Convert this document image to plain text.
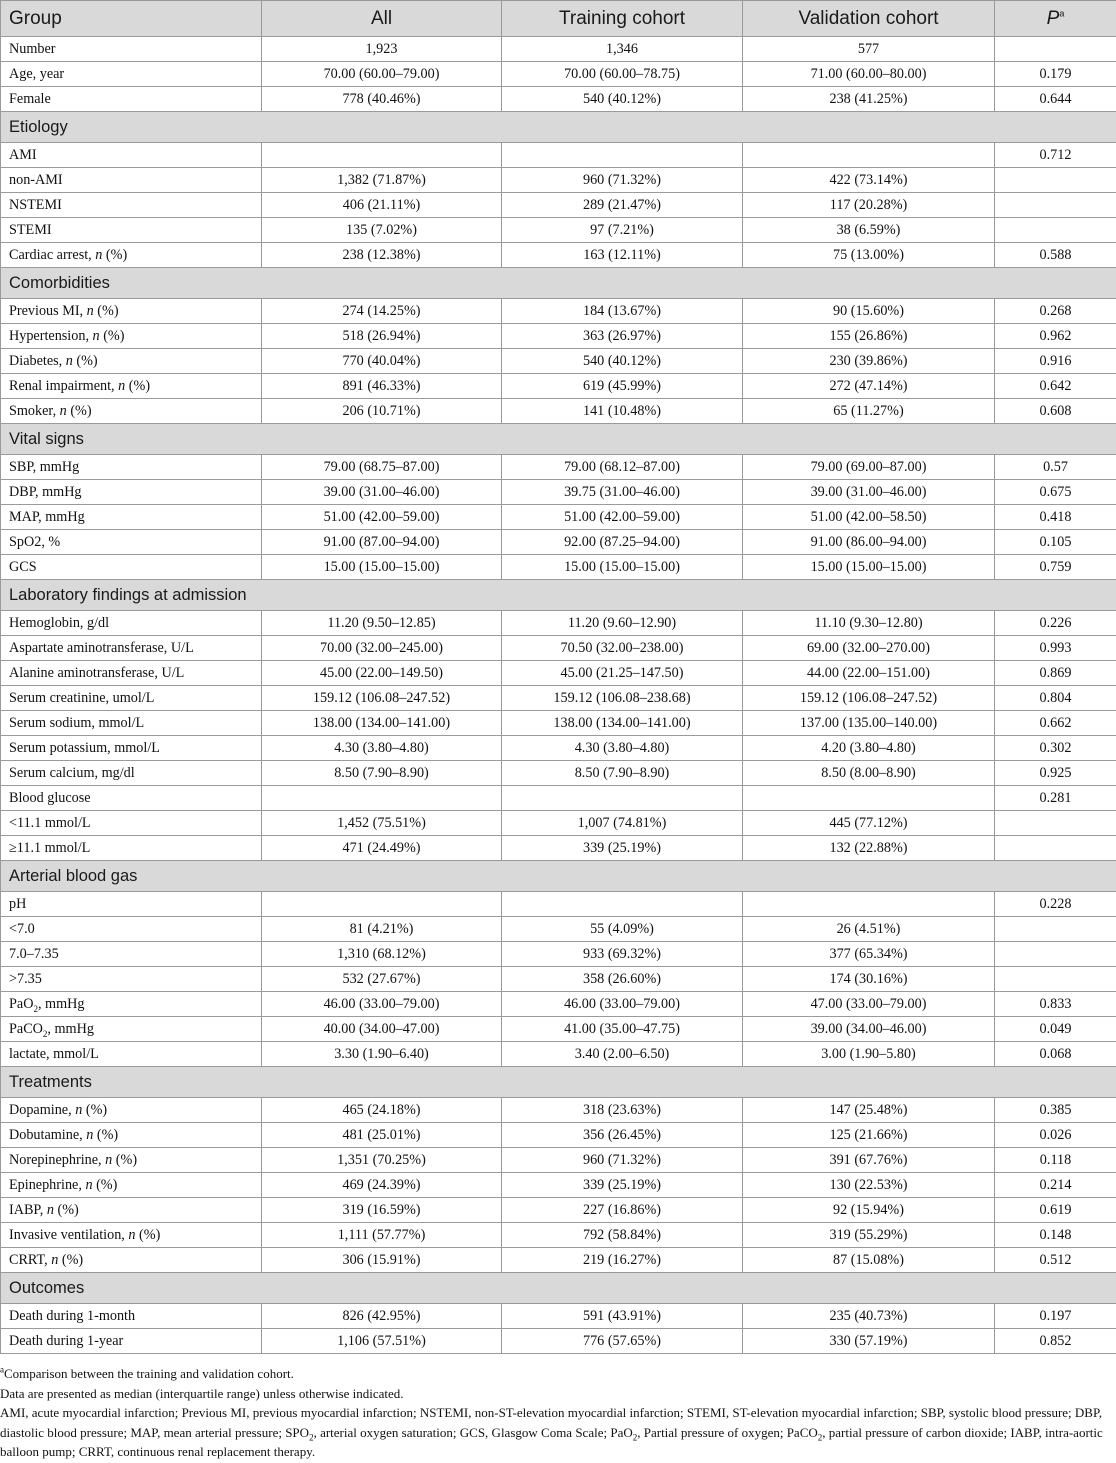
Group	All	Training cohort	Validation cohort	$P^a$
Number	1,923	1,346	577	
Age, year	70.00 (60.00–79.00)	70.00 (60.00–78.75)	71.00 (60.00–80.00)	0.179
Female	778 (40.46%)	540 (40.12%)	238 (41.25%)	0.644
Etiology				
AMI				0.712
non-AMI	1,382 (71.87%)	960 (71.32%)	422 (73.14%)	
NSTEMI	406 (21.11%)	289 (21.47%)	117 (20.28%)	
STEMI	135 (7.02%)	97 (7.21%)	38 (6.59%)	
Cardiac arrest, n (%)	238 (12.38%)	163 (12.11%)	75 (13.00%)	0.588
Comorbidities				
Previous MI, n (%)	274 (14.25%)	184 (13.67%)	90 (15.60%)	0.268
Hypertension, n (%)	518 (26.94%)	363 (26.97%)	155 (26.86%)	0.962
Diabetes, n (%)	770 (40.04%)	540 (40.12%)	230 (39.86%)	0.916
Renal impairment, n (%)	891 (46.33%)	619 (45.99%)	272 (47.14%)	0.642
Smoker, n (%)	206 (10.71%)	141 (10.48%)	65 (11.27%)	0.608
Vital signs				
SBP, mmHg	79.00 (68.75–87.00)	79.00 (68.12–87.00)	79.00 (69.00–87.00)	0.57
DBP, mmHg	39.00 (31.00–46.00)	39.75 (31.00–46.00)	39.00 (31.00–46.00)	0.675
MAP, mmHg	51.00 (42.00–59.00)	51.00 (42.00–59.00)	51.00 (42.00–58.50)	0.418
SpO2, %	91.00 (87.00–94.00)	92.00 (87.25–94.00)	91.00 (86.00–94.00)	0.105
GCS	15.00 (15.00–15.00)	15.00 (15.00–15.00)	15.00 (15.00–15.00)	0.759
Laboratory findings at admission				
Hemoglobin, g/dl	11.20 (9.50–12.85)	11.20 (9.60–12.90)	11.10 (9.30–12.80)	0.226
Aspartate aminotransferase, U/L	70.00 (32.00–245.00)	70.50 (32.00–238.00)	69.00 (32.00–270.00)	0.993
Alanine aminotransferase, U/L	45.00 (22.00–149.50)	45.00 (21.25–147.50)	44.00 (22.00–151.00)	0.869
Serum creatinine, umol/L	159.12 (106.08–247.52)	159.12 (106.08–238.68)	159.12 (106.08–247.52)	0.804
Serum sodium, mmol/L	138.00 (134.00–141.00)	138.00 (134.00–141.00)	137.00 (135.00–140.00)	0.662
Serum potassium, mmol/L	4.30 (3.80–4.80)	4.30 (3.80–4.80)	4.20 (3.80–4.80)	0.302
Serum calcium, mg/dl	8.50 (7.90–8.90)	8.50 (7.90–8.90)	8.50 (8.00–8.90)	0.925
Blood glucose				0.281
<11.1 mmol/L	1,452 (75.51%)	1,007 (74.81%)	445 (77.12%)	
≥11.1 mmol/L	471 (24.49%)	339 (25.19%)	132 (22.88%)	
Arterial blood gas				
pH				0.228
<7.0	81 (4.21%)	55 (4.09%)	26 (4.51%)	
7.0–7.35	1,310 (68.12%)	933 (69.32%)	377 (65.34%)	
>7.35	532 (27.67%)	358 (26.60%)	174 (30.16%)	
PaO$_2$, mmHg	46.00 (33.00–79.00)	46.00 (33.00–79.00)	47.00 (33.00–79.00)	0.833
PaCO$_2$, mmHg	40.00 (34.00–47.00)	41.00 (35.00–47.75)	39.00 (34.00–46.00)	0.049
lactate, mmol/L	3.30 (1.90–6.40)	3.40 (2.00–6.50)	3.00 (1.90–5.80)	0.068
Treatments				
Dopamine, n (%)	465 (24.18%)	318 (23.63%)	147 (25.48%)	0.385
Dobutamine, n (%)	481 (25.01%)	356 (26.45%)	125 (21.66%)	0.026
Norepinephrine, n (%)	1,351 (70.25%)	960 (71.32%)	391 (67.76%)	0.118
Epinephrine, n (%)	469 (24.39%)	339 (25.19%)	130 (22.53%)	0.214
IABP, n (%)	319 (16.59%)	227 (16.86%)	92 (15.94%)	0.619
Invasive ventilation, n (%)	1,111 (57.77%)	792 (58.84%)	319 (55.29%)	0.148
CRRT, n (%)	306 (15.91%)	219 (16.27%)	87 (15.08%)	0.512
Outcomes				
Death during 1-month	826 (42.95%)	591 (43.91%)	235 (40.73%)	0.197
Death during 1-year	1,106 (57.51%)	776 (57.65%)	330 (57.19%)	0.852

$^a$Comparison between the training and validation cohort.

Data are presented as median (interquartile range) unless otherwise indicated.

AMI, acute myocardial infarction; Previous MI, previous myocardial infarction; NSTEMI, non-ST-elevation myocardial infarction; STEMI, ST-elevation myocardial infarction; SBP, systolic blood pressure; DBP, diastolic blood pressure; MAP, mean arterial pressure; $SPO_2$, arterial oxygen saturation; GCS, Glasgow Coma Scale; PaO$_2$, Partial pressure of oxygen; PaCO$_2$, partial pressure of carbon dioxide; IABP, intra-aortic balloon pump; CRRT, continuous renal replacement therapy.
